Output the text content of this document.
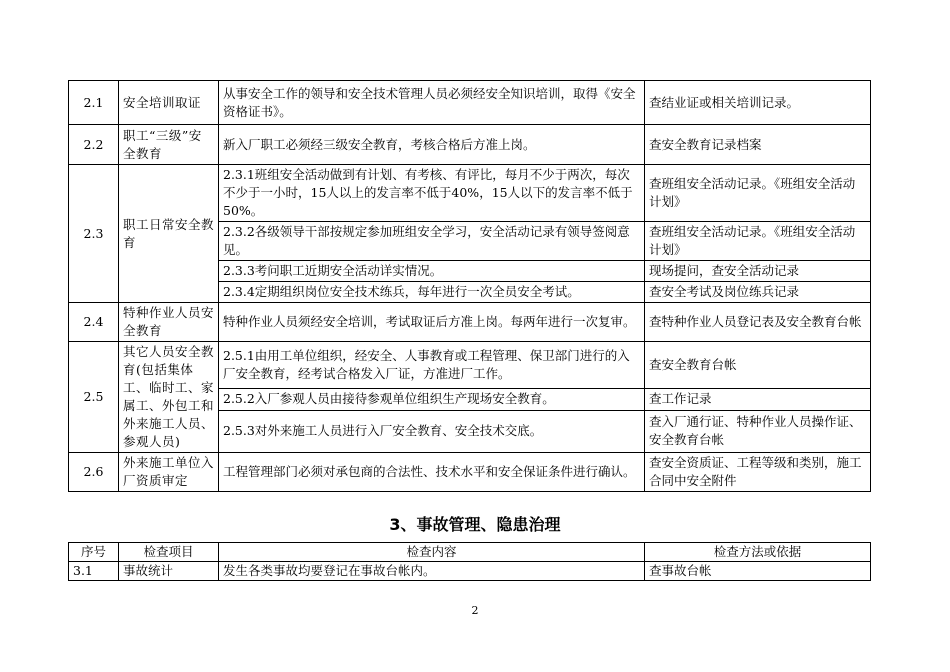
2.1	安全培训取证	从事安全工作的领导和安全技术管理人员必须经安全知识培训，取得《安全资格证书》。	查结业证或相关培训记录。
2.2	职工“三级”安全教育	新入厂职工必须经三级安全教育，考核合格后方准上岗。	查安全教育记录档案
2.3	职工日常安全教育	2.3.1班组安全活动做到有计划、有考核、有评比，每月不少于两次，每次不少于一小时，15人以上的发言率不低于40%，15人以下的发言率不低于50%。	查班组安全活动记录。《班组安全活动计划》
		2.3.2各级领导干部按规定参加班组安全学习，安全活动记录有领导签阅意见。	查班组安全活动记录。《班组安全活动计划》
		2.3.3考问职工近期安全活动详实情况。	现场提问，查安全活动记录
		2.3.4定期组织岗位安全技术练兵，每年进行一次全员安全考试。	查安全考试及岗位练兵记录
2.4	特种作业人员安全教育	特种作业人员须经安全培训，考试取证后方准上岗。每两年进行一次复审。	查特种作业人员登记表及安全教育台帐
2.5	其它人员安全教育(包括集体工、临时工、家属工、外包工和外来施工人员、参观人员)	2.5.1由用工单位组织，经安全、人事教育或工程管理、保卫部门进行的入厂安全教育，经考试合格发入厂证，方准进厂工作。	查安全教育台帐
		2.5.2入厂参观人员由接待参观单位组织生产现场安全教育。	查工作记录
		2.5.3对外来施工人员进行入厂安全教育、安全技术交底。	查入厂通行证、特种作业人员操作证、安全教育台帐
2.6	外来施工单位入厂资质审定	工程管理部门必须对承包商的合法性、技术水平和安全保证条件进行确认。	查安全资质证、工程等级和类别，施工合同中安全附件
3、事故管理、隐患治理
序号	检查项目	检查内容	检查方法或依据
3.1	事故统计	发生各类事故均要登记在事故台帐内。	查事故台帐
2
